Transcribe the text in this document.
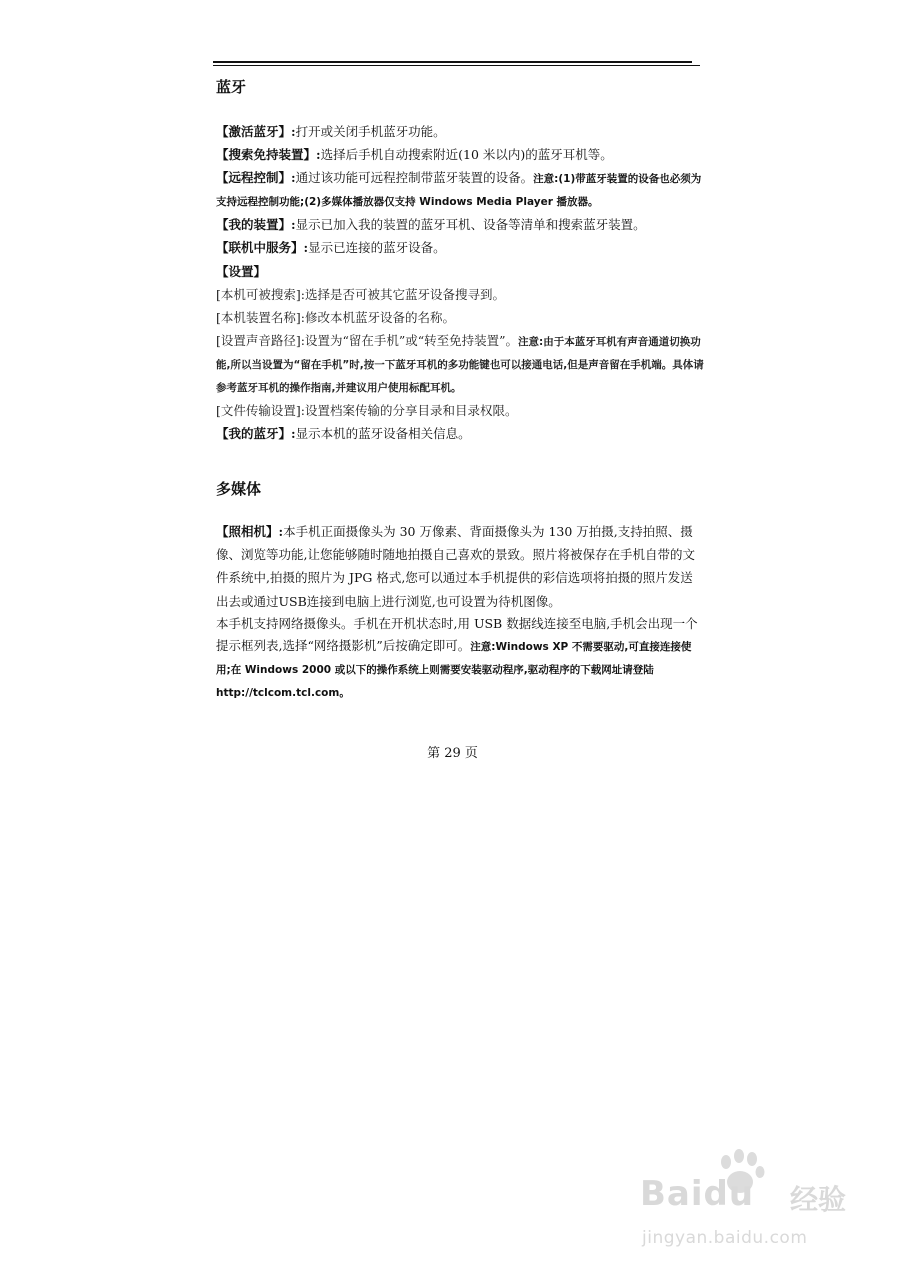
蓝牙

【激活蓝牙】:打开或关闭手机蓝牙功能。

【搜索免持装置】:选择后手机自动搜索附近(10 米以内)的蓝牙耳机等。

【远程控制】:通过该功能可远程控制带蓝牙装置的设备。注意:(1)带蓝牙装置的设备也必须为支持远程控制功能;(2)多媒体播放器仅支持 Windows Media Player 播放器。

【我的装置】:显示已加入我的装置的蓝牙耳机、设备等清单和搜索蓝牙装置。

【联机中服务】:显示已连接的蓝牙设备。

【设置】

[本机可被搜索]:选择是否可被其它蓝牙设备搜寻到。

[本机装置名称]:修改本机蓝牙设备的名称。

[设置声音路径]:设置为“留在手机”或“转至免持装置”。注意:由于本蓝牙耳机有声音通道切换功能,所以当设置为“留在手机”时,按一下蓝牙耳机的多功能键也可以接通电话,但是声音留在手机端。具体请参考蓝牙耳机的操作指南,并建议用户使用标配耳机。

[文件传输设置]:设置档案传输的分享目录和目录权限。

【我的蓝牙】:显示本机的蓝牙设备相关信息。

多媒体

【照相机】:本手机正面摄像头为 30 万像素、背面摄像头为 130 万拍摄,支持拍照、摄像、浏览等功能,让您能够随时随地拍摄自己喜欢的景致。照片将被保存在手机自带的文件系统中,拍摄的照片为 JPG 格式,您可以通过本手机提供的彩信选项将拍摄的照片发送出去或通过USB连接到电脑上进行浏览,也可设置为待机图像。

本手机支持网络摄像头。手机在开机状态时,用 USB 数据线连接至电脑,手机会出现一个提示框列表,选择“网络摄影机”后按确定即可。注意:Windows XP 不需要驱动,可直接连接使用;在 Windows 2000 或以下的操作系统上则需要安装驱动程序,驱动程序的下载网址请登陆 http://tclcom.tcl.com。

第 29 页
Baidu 经验
jingyan.baidu.com
